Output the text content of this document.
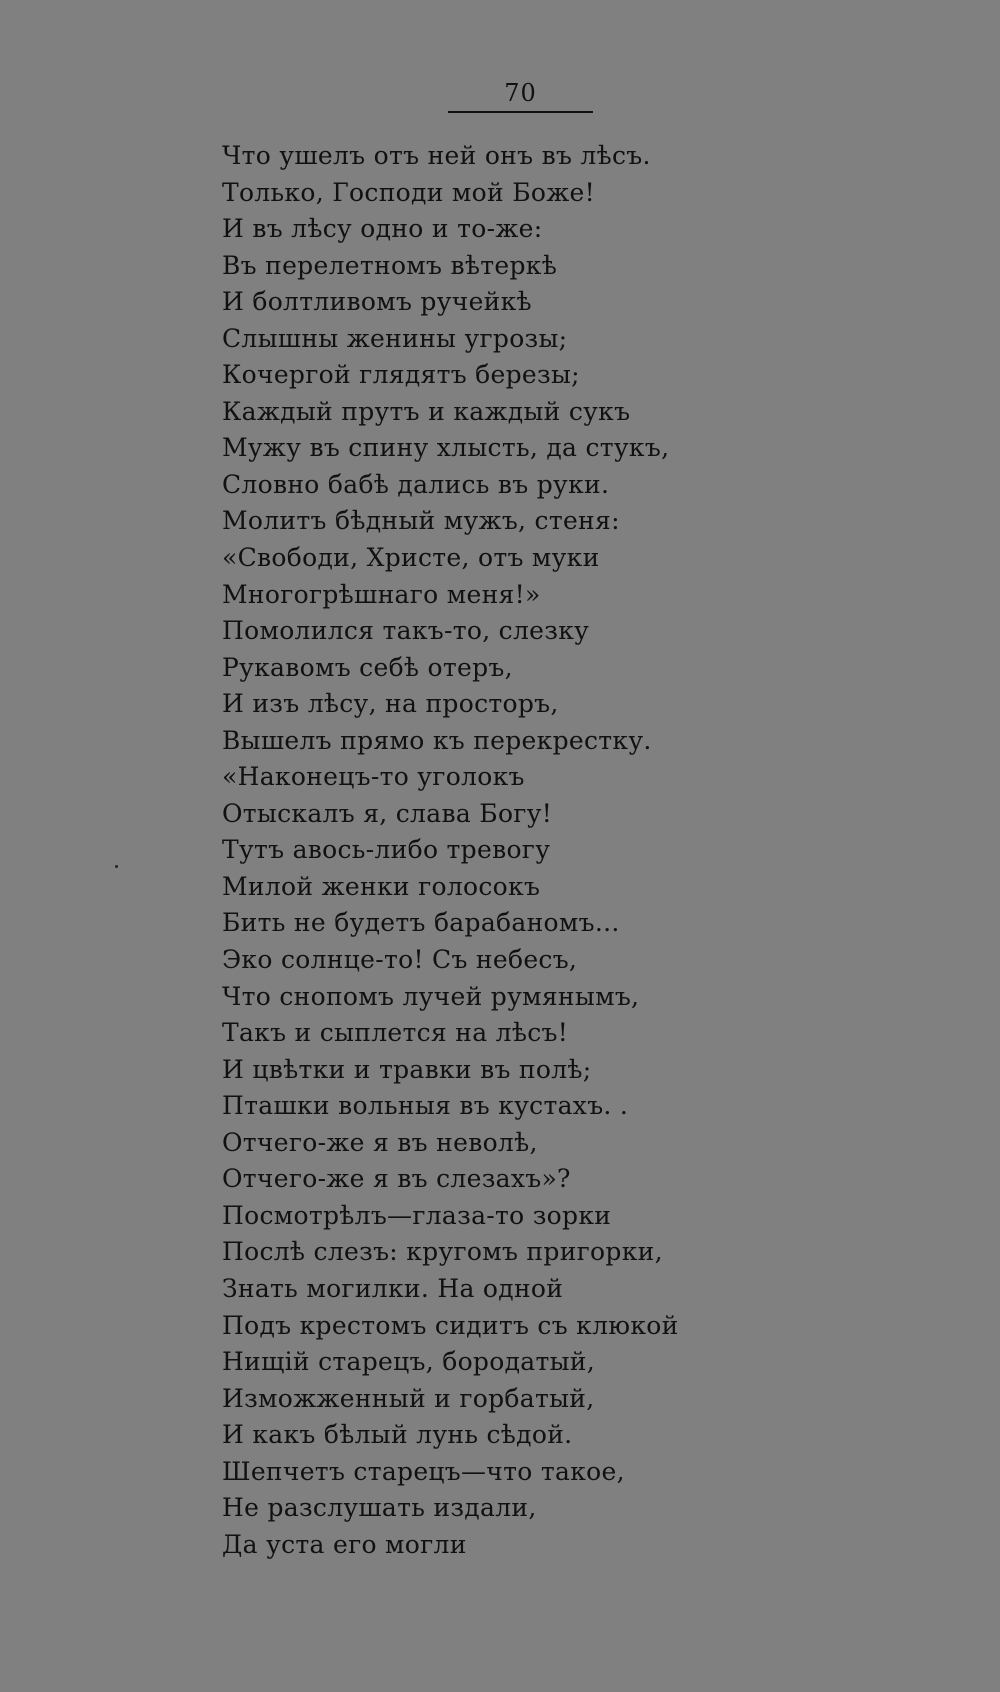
70
Что ушелъ отъ ней онъ въ лѣсъ.
Только, Господи мой Боже!
И въ лѣсу одно и то-же:
Въ перелетномъ вѣтеркѣ
И болтливомъ ручейкѣ
Слышны женины угрозы;
Кочергой глядятъ березы;
Каждый прутъ и каждый сукъ
Мужу въ спину хлысть, да стукъ,
Словно бабѣ дались въ руки.
Молитъ бѣдный мужъ, стеня:
«Свободи, Христе, отъ муки
Многогрѣшнаго меня!»
Помолился такъ-то, слезку
Рукавомъ себѣ отеръ,
И изъ лѣсу, на просторъ,
Вышелъ прямо къ перекрестку.
«Наконецъ-то уголокъ
Отыскалъ я, слава Богу!
Тутъ авось-либо тревогу
Милой женки голосокъ
Бить не будетъ барабаномъ...
Эко солнце-то! Съ небесъ,
Что снопомъ лучей румянымъ,
Такъ и сыплется на лѣсъ!
И цвѣтки и травки въ полѣ;
Пташки вольныя въ кустахъ. .
Отчего-же я въ неволѣ,
Отчего-же я въ слезахъ»?
Посмотрѣлъ—глаза-то зорки
Послѣ слезъ: кругомъ пригорки,
Знать могилки. На одной
Подъ крестомъ сидитъ съ клюкой
Нищій старецъ, бородатый,
Изможженный и горбатый,
И какъ бѣлый лунь сѣдой.
Шепчетъ старецъ—что такое,
Не разслушать издали,
Да уста его могли
